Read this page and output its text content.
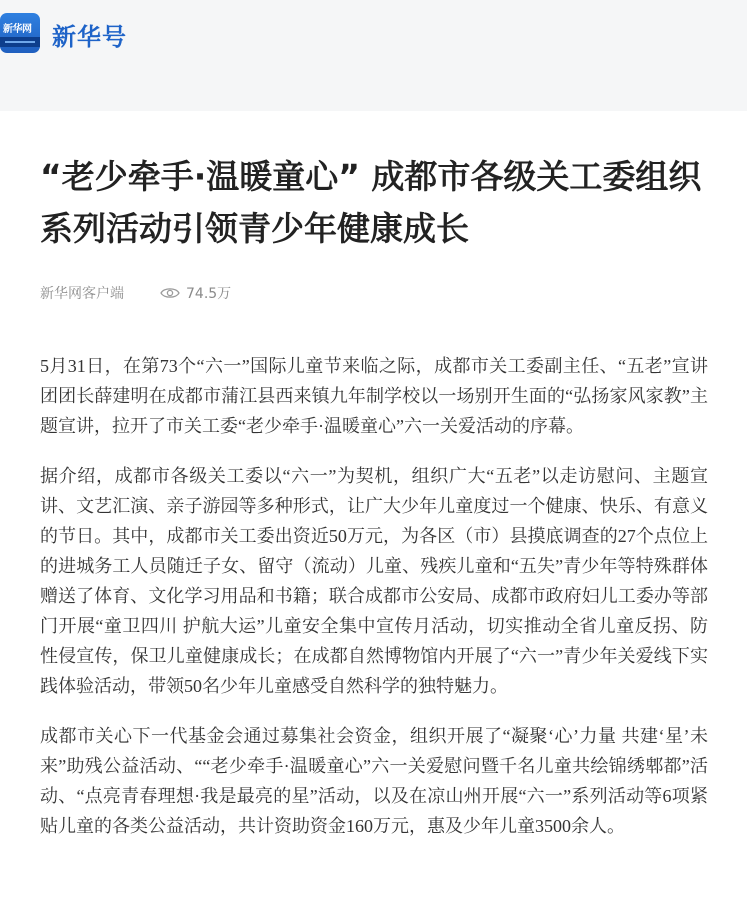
新华网 新华号
“老少牵手·温暖童心” 成都市各级关工委组织系列活动引领青少年健康成长
新华网客户端	74.5万

5月31日，在第73个“六一”国际儿童节来临之际，成都市关工委副主任、“五老”宣讲团团长薛建明在成都市蒲江县西来镇九年制学校以一场别开生面的“弘扬家风家教”主题宣讲，拉开了市关工委“老少牵手·温暖童心”六一关爱活动的序幕。

据介绍，成都市各级关工委以“六一”为契机，组织广大“五老”以走访慰问、主题宣讲、文艺汇演、亲子游园等多种形式，让广大少年儿童度过一个健康、快乐、有意义的节日。其中，成都市关工委出资近50万元，为各区（市）县摸底调查的27个点位上的进城务工人员随迁子女、留守（流动）儿童、残疾儿童和“五失”青少年等特殊群体赠送了体育、文化学习用品和书籍；联合成都市公安局、成都市政府妇儿工委办等部门开展“童卫四川 护航大运”儿童安全集中宣传月活动，切实推动全省儿童反拐、防性侵宣传，保卫儿童健康成长；在成都自然博物馆内开展了“六一”青少年关爱线下实践体验活动，带领50名少年儿童感受自然科学的独特魅力。

成都市关心下一代基金会通过募集社会资金，组织开展了“凝聚‘心’力量 共建‘星’未来”助残公益活动、““老少牵手·温暖童心”六一关爱慰问暨千名儿童共绘锦绣郫都”活动、“点亮青春理想·我是最亮的星”活动，以及在凉山州开展“六一”系列活动等6项紧贴儿童的各类公益活动，共计资助资金160万元，惠及少年儿童3500余人。
